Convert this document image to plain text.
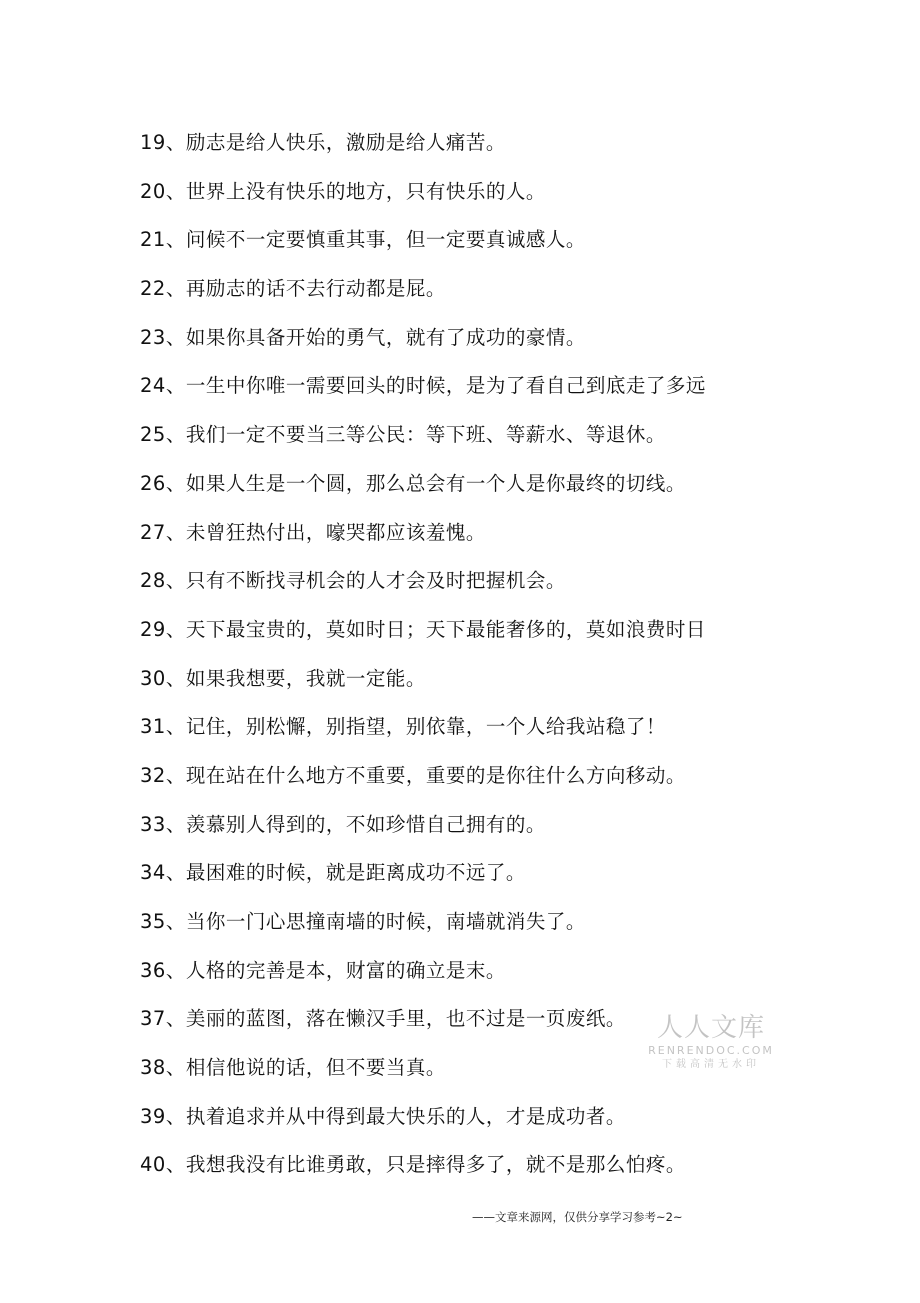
19、励志是给人快乐，激励是给人痛苦。
20、世界上没有快乐的地方，只有快乐的人。
21、问候不一定要慎重其事，但一定要真诚感人。
22、再励志的话不去行动都是屁。
23、如果你具备开始的勇气，就有了成功的豪情。
24、一生中你唯一需要回头的时候，是为了看自己到底走了多远
25、我们一定不要当三等公民：等下班、等薪水、等退休。
26、如果人生是一个圆，那么总会有一个人是你最终的切线。
27、未曾狂热付出，嚎哭都应该羞愧。
28、只有不断找寻机会的人才会及时把握机会。
29、天下最宝贵的，莫如时日；天下最能奢侈的，莫如浪费时日
30、如果我想要，我就一定能。
31、记住，别松懈，别指望，别依靠，一个人给我站稳了！
32、现在站在什么地方不重要，重要的是你往什么方向移动。
33、羡慕别人得到的，不如珍惜自己拥有的。
34、最困难的时候，就是距离成功不远了。
35、当你一门心思撞南墙的时候，南墙就消失了。
36、人格的完善是本，财富的确立是末。
37、美丽的蓝图，落在懒汉手里，也不过是一页废纸。
38、相信他说的话，但不要当真。
39、执着追求并从中得到最大快乐的人，才是成功者。
40、我想我没有比谁勇敢，只是摔得多了，就不是那么怕疼。
人人文库
RENRENDOC.COM
下载高清无水印
——文章来源网，仅供分享学习参考~2~
